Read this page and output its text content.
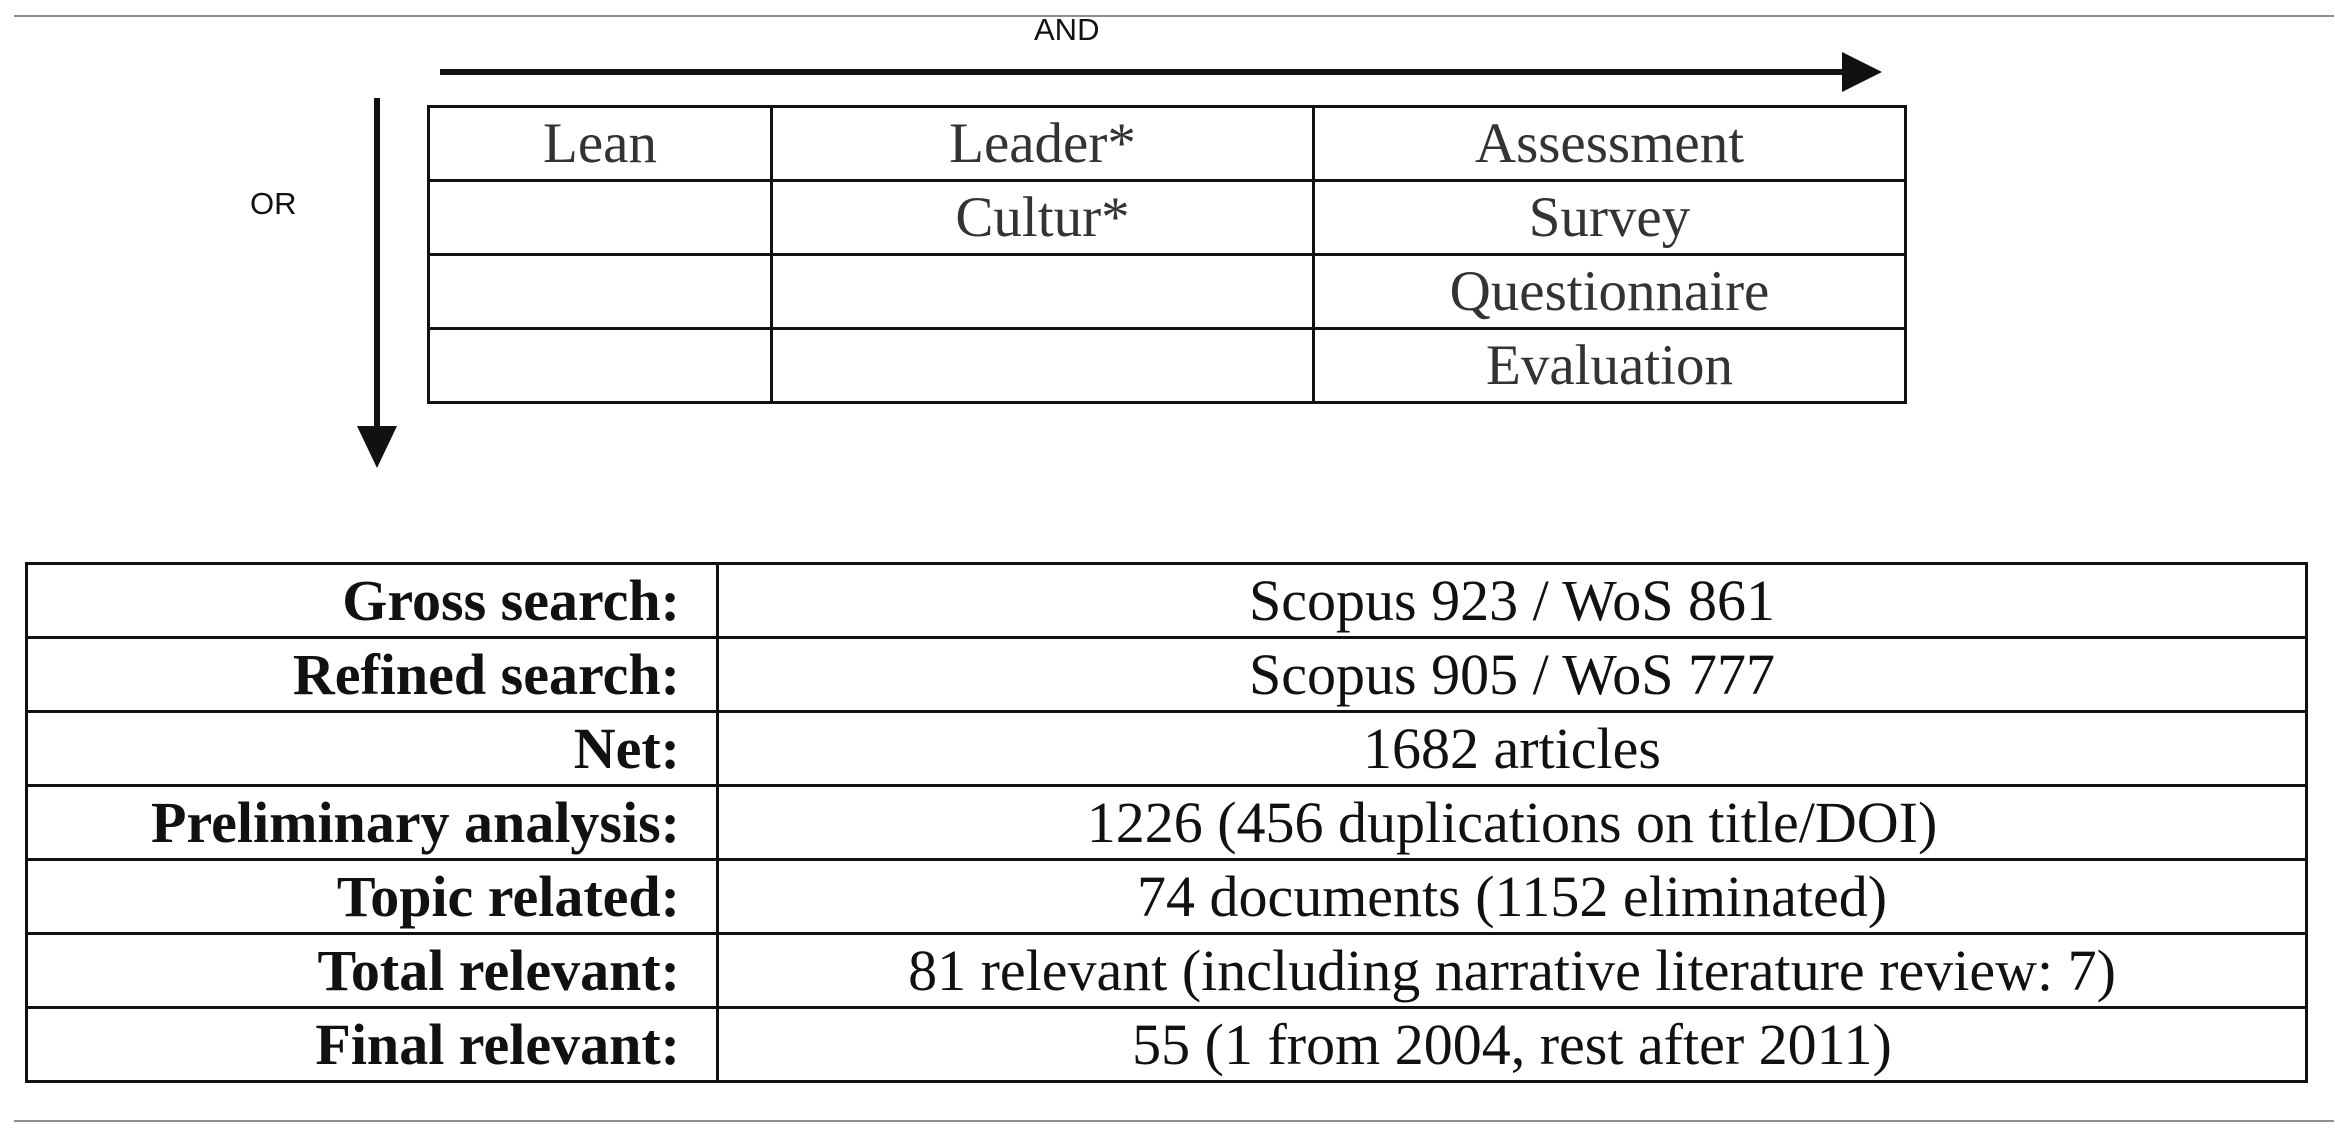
AND
OR
Lean	Leader*	Assessment
	Cultur*	Survey
		Questionnaire
		Evaluation
Gross search:	Scopus 923 / WoS 861
Refined search:	Scopus 905 / WoS 777
Net:	1682 articles
Preliminary analysis:	1226 (456 duplications on title/DOI)
Topic related:	74 documents (1152 eliminated)
Total relevant:	81 relevant (including narrative literature review: 7)
Final relevant:	55 (1 from 2004, rest after 2011)
